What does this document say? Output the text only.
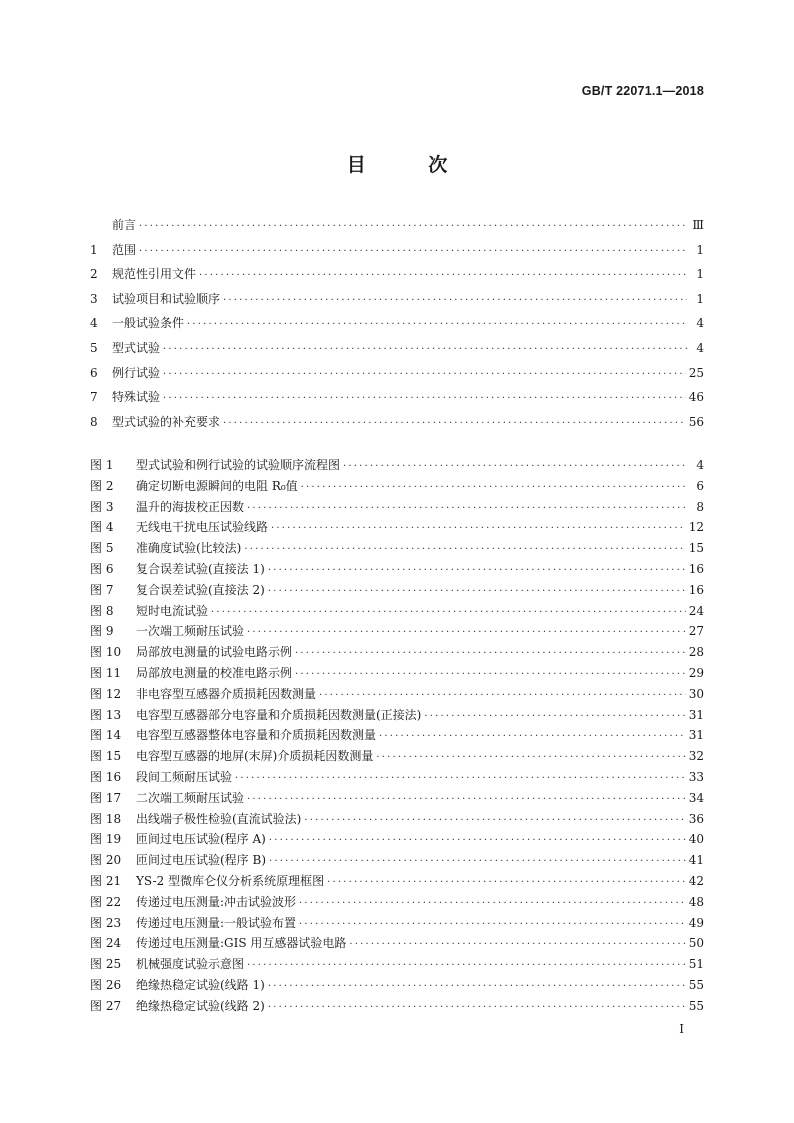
GB/T 22071.1—2018
目 次
前言 ·····	Ⅲ
1	范围 ·····	1
2	规范性引用文件 ·····	1
3	试验项目和试验顺序 ·····	1
4	一般试验条件 ·····	4
5	型式试验 ·····	4
6	例行试验 ·····	25
7	特殊试验 ·····	46
8	型式试验的补充要求 ·····	56
图 1	型式试验和例行试验的试验顺序流程图 ·····	4
图 2	确定切断电源瞬间的电阻 R₀值 ·····	6
图 3	温升的海拔校正因数 ·····	8
图 4	无线电干扰电压试验线路 ·····	12
图 5	准确度试验(比较法) ·····	15
图 6	复合误差试验(直接法 1) ·····	16
图 7	复合误差试验(直接法 2) ·····	16
图 8	短时电流试验 ·····	24
图 9	一次端工频耐压试验 ·····	27
图 10	局部放电测量的试验电路示例 ·····	28
图 11	局部放电测量的校准电路示例 ·····	29
图 12	非电容型互感器介质损耗因数测量 ·····	30
图 13	电容型互感器部分电容量和介质损耗因数测量(正接法) ·····	31
图 14	电容型互感器整体电容量和介质损耗因数测量 ·····	31
图 15	电容型互感器的地屏(末屏)介质损耗因数测量 ·····	32
图 16	段间工频耐压试验 ·····	33
图 17	二次端工频耐压试验 ·····	34
图 18	出线端子极性检验(直流试验法) ·····	36
图 19	匝间过电压试验(程序 A) ·····	40
图 20	匝间过电压试验(程序 B) ·····	41
图 21	YS-2 型微库仑仪分析系统原理框图 ·····	42
图 22	传递过电压测量:冲击试验波形 ·····	48
图 23	传递过电压测量:一般试验布置 ·····	49
图 24	传递过电压测量:GIS 用互感器试验电路 ·····	50
图 25	机械强度试验示意图 ·····	51
图 26	绝缘热稳定试验(线路 1) ·····	55
图 27	绝缘热稳定试验(线路 2) ·····	55
I
